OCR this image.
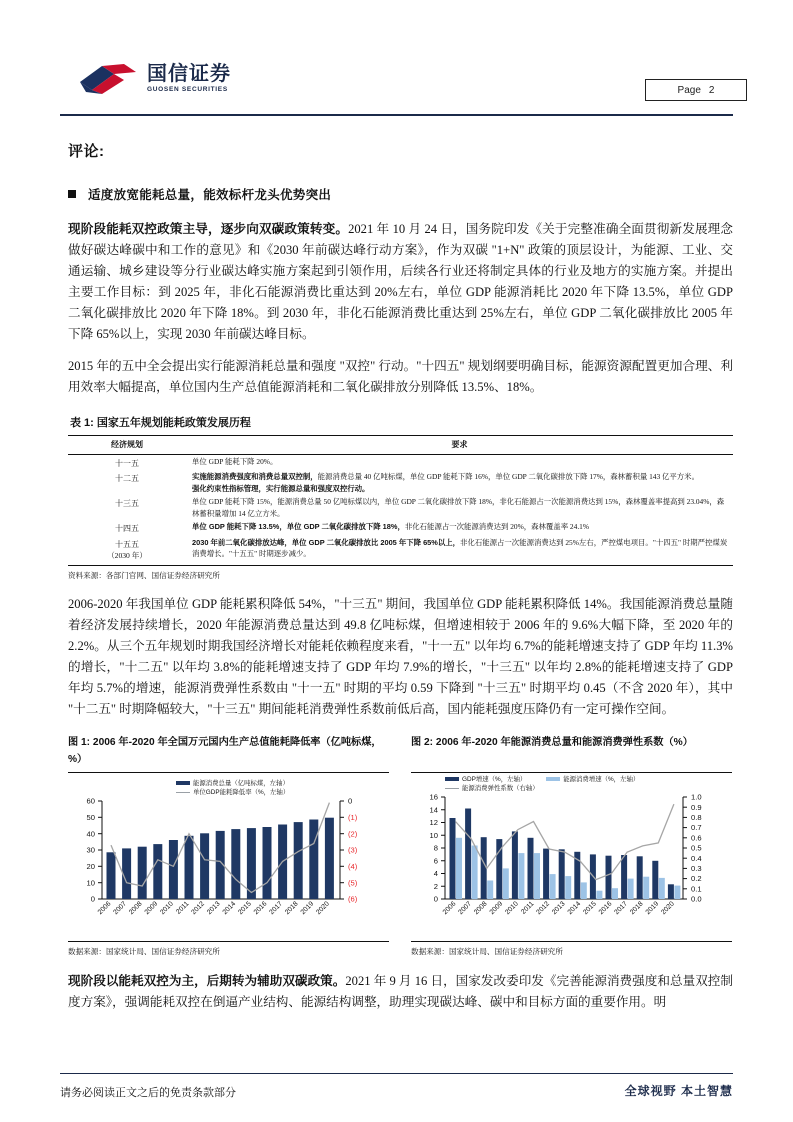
国信证券
GUOSEN SECURITIES	Page 2
评论:
适度放宽能耗总量，能效标杆龙头优势突出

现阶段能耗双控政策主导，逐步向双碳政策转变。2021 年 10 月 24 日，国务院印发《关于完整准确全面贯彻新发展理念做好碳达峰碳中和工作的意见》和《2030 年前碳达峰行动方案》，作为双碳 "1+N" 政策的顶层设计，为能源、工业、交通运输、城乡建设等分行业碳达峰实施方案起到引领作用，后续各行业还将制定具体的行业及地方的实施方案。并提出主要工作目标：到 2025 年，非化石能源消费比重达到 20%左右，单位 GDP 能源消耗比 2020 年下降 13.5%，单位 GDP 二氧化碳排放比 2020 年下降 18%。到 2030 年，非化石能源消费比重达到 25%左右，单位 GDP 二氧化碳排放比 2005 年下降 65%以上，实现 2030 年前碳达峰目标。

2015 年的五中全会提出实行能源消耗总量和强度 "双控" 行动。"十四五" 规划纲要明确目标，能源资源配置更加合理、利用效率大幅提高，单位国内生产总值能源消耗和二氧化碳排放分别降低 13.5%、18%。

表 1: 国家五年规划能耗政策发展历程
经济规划	要求
十一五	单位 GDP 能耗下降 20%。
十二五	实施能源消费强度和消费总量双控制，能源消费总量 40 亿吨标煤，单位 GDP 能耗下降 16%，单位 GDP 二氧化碳排放下降 17%，森林蓄积量 143 亿平方米。
强化约束性指标管理，实行能源总量和强度双控行动。
十三五	单位 GDP 能耗下降 15%，能源消费总量 50 亿吨标煤以内，单位 GDP 二氧化碳排放下降 18%，非化石能源占一次能源消费达到 15%，森林覆盖率提高到 23.04%，森林蓄积量增加 14 亿立方米。
十四五	单位 GDP 能耗下降 13.5%，单位 GDP 二氧化碳排放下降 18%，非化石能源占一次能源消费达到 20%，森林覆盖率 24.1%

十五五
（2030 年）	2030 年前二氧化碳排放达峰，单位 GDP 二氧化碳排放比 2005 年下降 65%以上，非化石能源占一次能源消费达到 25%左右，严控煤电项目。"十四五" 时期严控煤炭消费增长。"十五五" 时期逐步减少。
资料来源：各部门官网、国信证券经济研究所

2006-2020 年我国单位 GDP 能耗累积降低 54%，"十三五" 期间，我国单位 GDP 能耗累积降低 14%。我国能源消费总量随着经济发展持续增长，2020 年能源消费总量达到 49.8 亿吨标煤，但增速相较于 2006 年的 9.6%大幅下降，至 2020 年的 2.2%。从三个五年规划时期我国经济增长对能耗依赖程度来看，"十一五" 以年均 6.7%的能耗增速支持了 GDP 年均 11.3%的增长，"十二五" 以年均 3.8%的能耗增速支持了 GDP 年均 7.9%的增长，"十三五" 以年均 2.8%的能耗增速支持了 GDP 年均 5.7%的增速，能源消费弹性系数由 "十一五" 时期的平均 0.59 下降到 "十三五" 时期平均 0.45（不含 2020 年），其中 "十二五" 时期降幅较大，"十三五" 期间能耗消费弹性系数前低后高，国内能耗强度压降仍有一定可操作空间。

图 1: 2006 年-2020 年全国万元国内生产总值能耗降低率（亿吨标煤，%）
能源消费总量（亿吨标煤，左轴）
单位GDP能耗降低率（%，左轴）
0
10
20
30
40
50
60	0
(1)
(2)
(3)
(4)
(5)
(6)
2006 2007 2008 2009 2010 2011 2012 2013 2014 2015 2016 2017 2018 2019 2020
数据来源：国家统计局、国信证券经济研究所
图 2: 2006 年-2020 年能源消费总量和能源消费弹性系数（%）
GDP增速（%，左轴）	能源消费增速（%，左轴）
能源消费弹性系数（右轴）
0
2
4
6
8
10
12
14
16
0.0
0.1
0.2
0.3
0.4
0.5
0.6
0.7
0.8
0.9
1.0
2006 2007 2008 2009 2010 2011 2012 2013 2014 2015 2016 2017 2018 2019 2020
数据来源：国家统计局、国信证券经济研究所

现阶段以能耗双控为主，后期转为辅助双碳政策。2021 年 9 月 16 日，国家发改委印发《完善能源消费强度和总量双控制度方案》，强调能耗双控在倒逼产业结构、能源结构调整，助理实现碳达峰、碳中和目标方面的重要作用。明

请务必阅读正文之后的免责条款部分	全球视野 本土智慧
